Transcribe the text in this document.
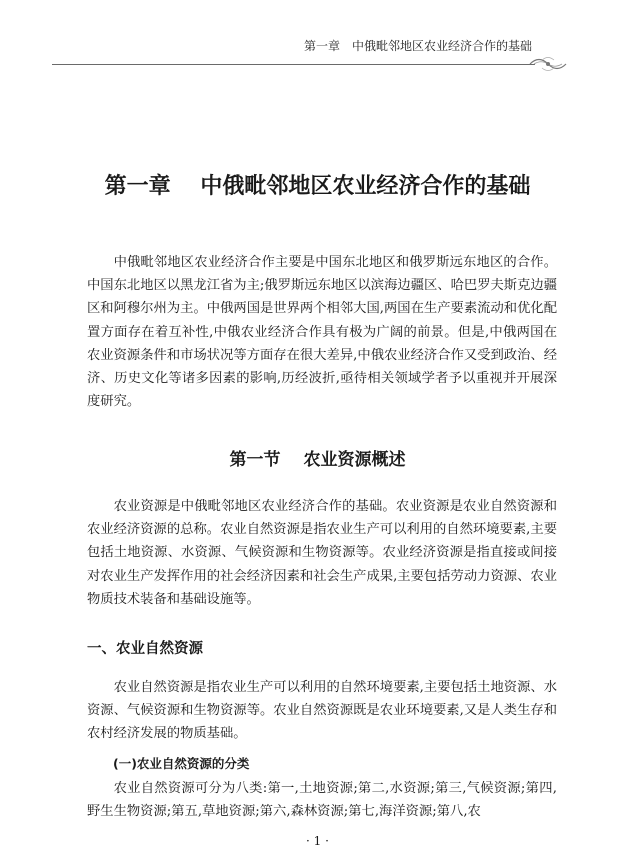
第一章　中俄毗邻地区农业经济合作的基础
第一章　 中俄毗邻地区农业经济合作的基础

中俄毗邻地区农业经济合作主要是中国东北地区和俄罗斯远东地区的合作。中国东北地区以黑龙江省为主;俄罗斯远东地区以滨海边疆区、哈巴罗夫斯克边疆区和阿穆尔州为主。中俄两国是世界两个相邻大国,两国在生产要素流动和优化配置方面存在着互补性,中俄农业经济合作具有极为广阔的前景。但是,中俄两国在农业资源条件和市场状况等方面存在很大差异,中俄农业经济合作又受到政治、经济、历史文化等诸多因素的影响,历经波折,亟待相关领域学者予以重视并开展深度研究。

第一节　 农业资源概述

农业资源是中俄毗邻地区农业经济合作的基础。农业资源是农业自然资源和农业经济资源的总称。农业自然资源是指农业生产可以利用的自然环境要素,主要包括土地资源、水资源、气候资源和生物资源等。农业经济资源是指直接或间接对农业生产发挥作用的社会经济因素和社会生产成果,主要包括劳动力资源、农业物质技术装备和基础设施等。

一、农业自然资源

农业自然资源是指农业生产可以利用的自然环境要素,主要包括土地资源、水资源、气候资源和生物资源等。农业自然资源既是农业环境要素,又是人类生存和农村经济发展的物质基础。

(一)农业自然资源的分类

农业自然资源可分为八类:第一,土地资源;第二,水资源;第三,气候资源;第四,野生生物资源;第五,草地资源;第六,森林资源;第七,海洋资源;第八,农

· 1 ·
